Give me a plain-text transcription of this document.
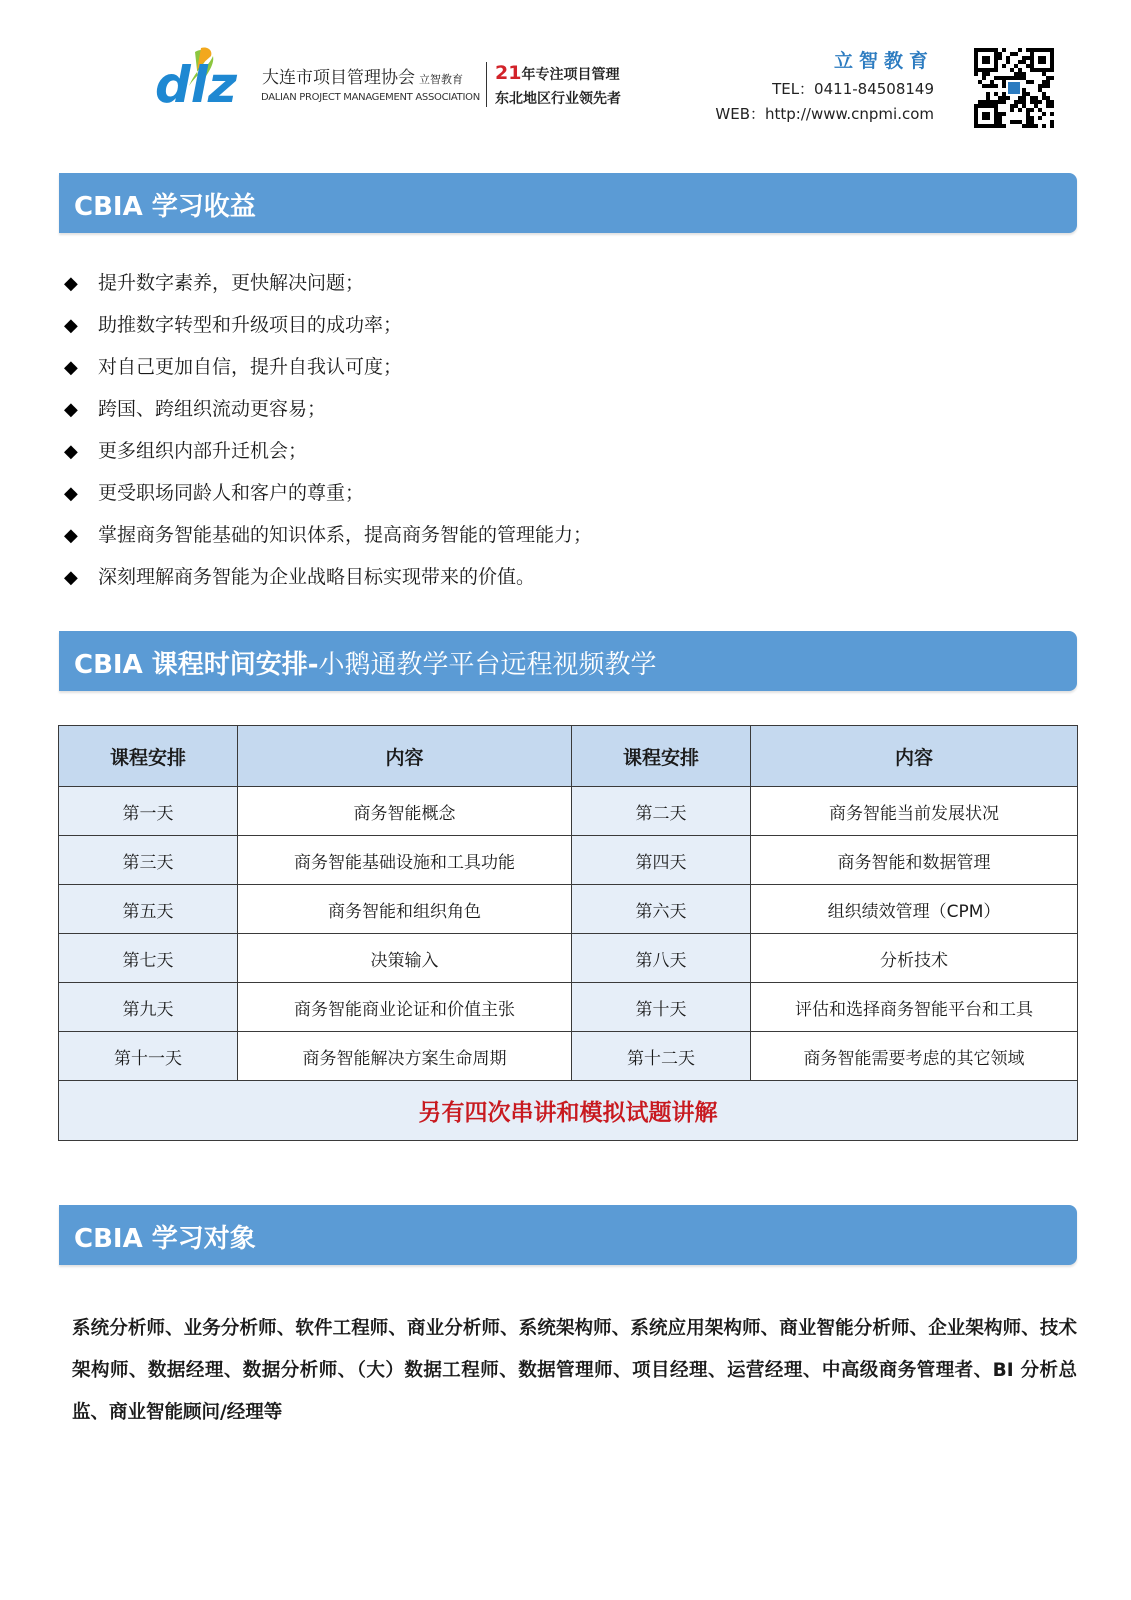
dlz 大连市项目管理协会 立智教育
DALIAN PROJECT MANAGEMENT ASSOCIATION
21年专注项目管理
东北地区行业领先者
立智教育
TEL：0411-84508149
WEB：http://www.cnpmi.com
CBIA 学习收益
◆ 提升数字素养，更快解决问题；
◆ 助推数字转型和升级项目的成功率；
◆ 对自己更加自信，提升自我认可度；
◆ 跨国、跨组织流动更容易；
◆ 更多组织内部升迁机会；
◆ 更受职场同龄人和客户的尊重；
◆ 掌握商务智能基础的知识体系，提高商务智能的管理能力；
◆ 深刻理解商务智能为企业战略目标实现带来的价值。
CBIA 课程时间安排-小鹅通教学平台远程视频教学
课程安排	内容	课程安排	内容
第一天	商务智能概念	第二天	商务智能当前发展状况
第三天	商务智能基础设施和工具功能	第四天	商务智能和数据管理
第五天	商务智能和组织角色	第六天	组织绩效管理（CPM）
第七天	决策输入	第八天	分析技术
第九天	商务智能商业论证和价值主张	第十天	评估和选择商务智能平台和工具
第十一天	商务智能解决方案生命周期	第十二天	商务智能需要考虑的其它领域
另有四次串讲和模拟试题讲解			
CBIA 学习对象

系统分析师、业务分析师、软件工程师、商业分析师、系统架构师、系统应用架构师、商业智能分析师、企业架构师、技术架构师、数据经理、数据分析师、（大）数据工程师、数据管理师、项目经理、运营经理、中高级商务管理者、BI 分析总监、商业智能顾问/经理等
